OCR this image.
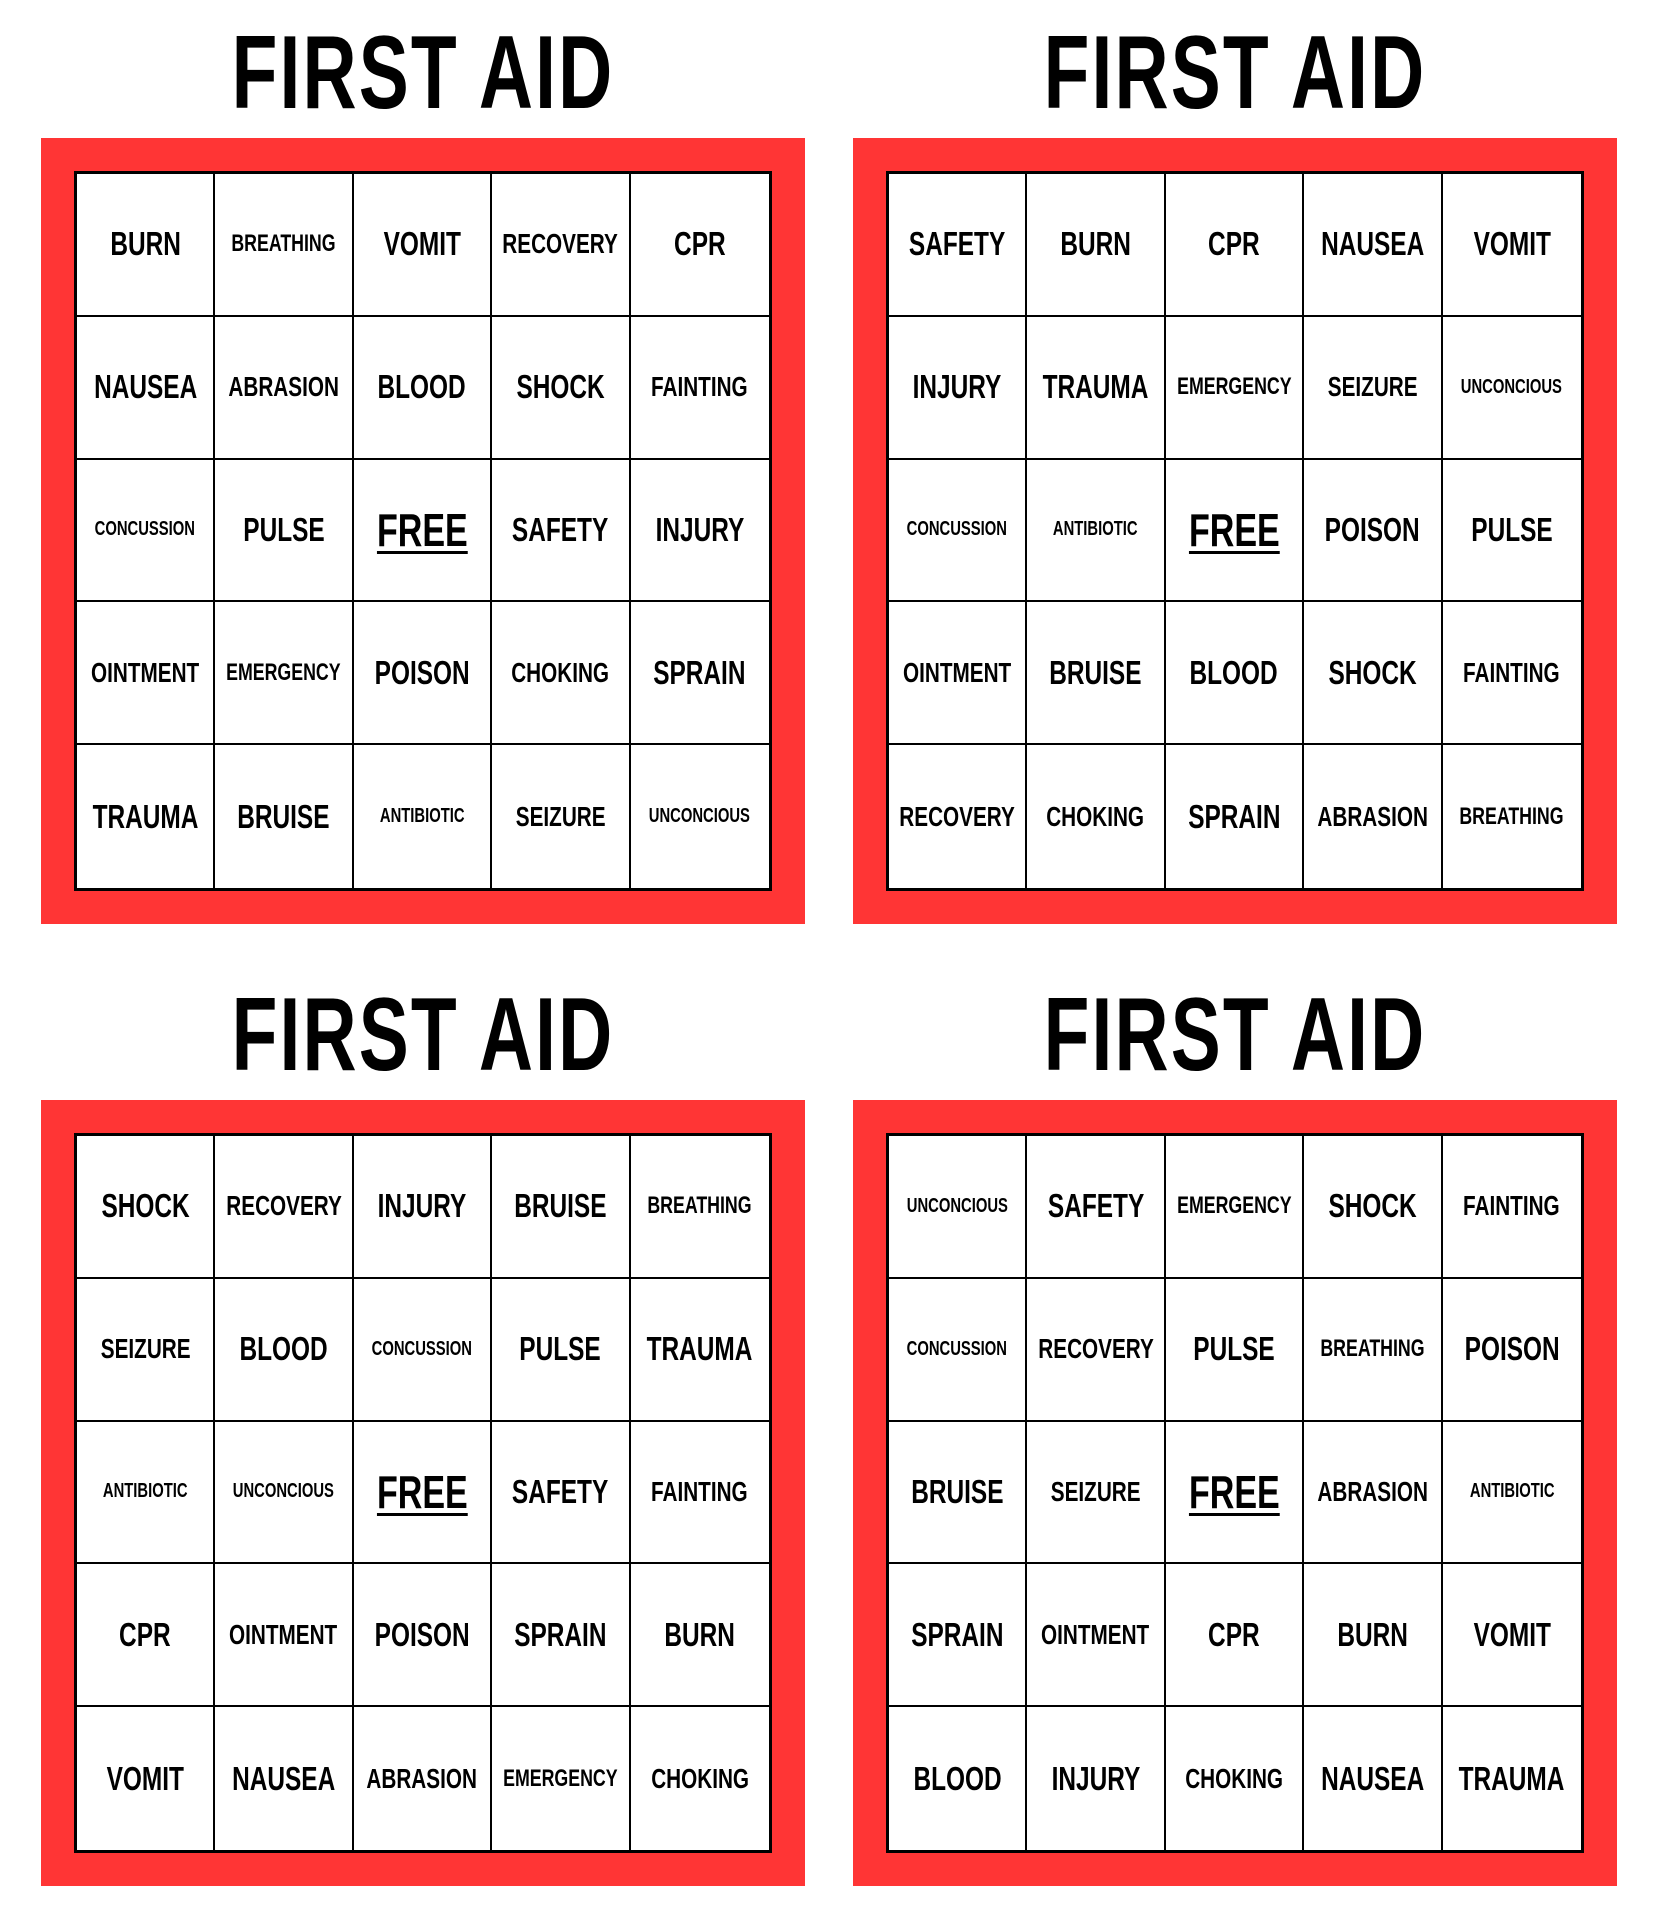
FIRST AID
BURN BREATHING VOMIT RECOVERY CPR
NAUSEA ABRASION BLOOD SHOCK FAINTING
CONCUSSION PULSE FREE SAFETY INJURY
OINTMENT EMERGENCY POISON CHOKING SPRAIN
TRAUMA BRUISE ANTIBIOTIC SEIZURE UNCONCIOUS
FIRST AID
SAFETY BURN CPR NAUSEA VOMIT
INJURY TRAUMA EMERGENCY SEIZURE UNCONCIOUS
CONCUSSION ANTIBIOTIC FREE POISON PULSE
OINTMENT BRUISE BLOOD SHOCK FAINTING
RECOVERY CHOKING SPRAIN ABRASION BREATHING
FIRST AID
SHOCK RECOVERY INJURY BRUISE BREATHING
SEIZURE BLOOD CONCUSSION PULSE TRAUMA
ANTIBIOTIC UNCONCIOUS FREE SAFETY FAINTING
CPR OINTMENT POISON SPRAIN BURN
VOMIT NAUSEA ABRASION EMERGENCY CHOKING
FIRST AID
UNCONCIOUS SAFETY EMERGENCY SHOCK FAINTING
CONCUSSION RECOVERY PULSE BREATHING POISON
BRUISE SEIZURE FREE ABRASION ANTIBIOTIC
SPRAIN OINTMENT CPR BURN VOMIT
BLOOD INJURY CHOKING NAUSEA TRAUMA
